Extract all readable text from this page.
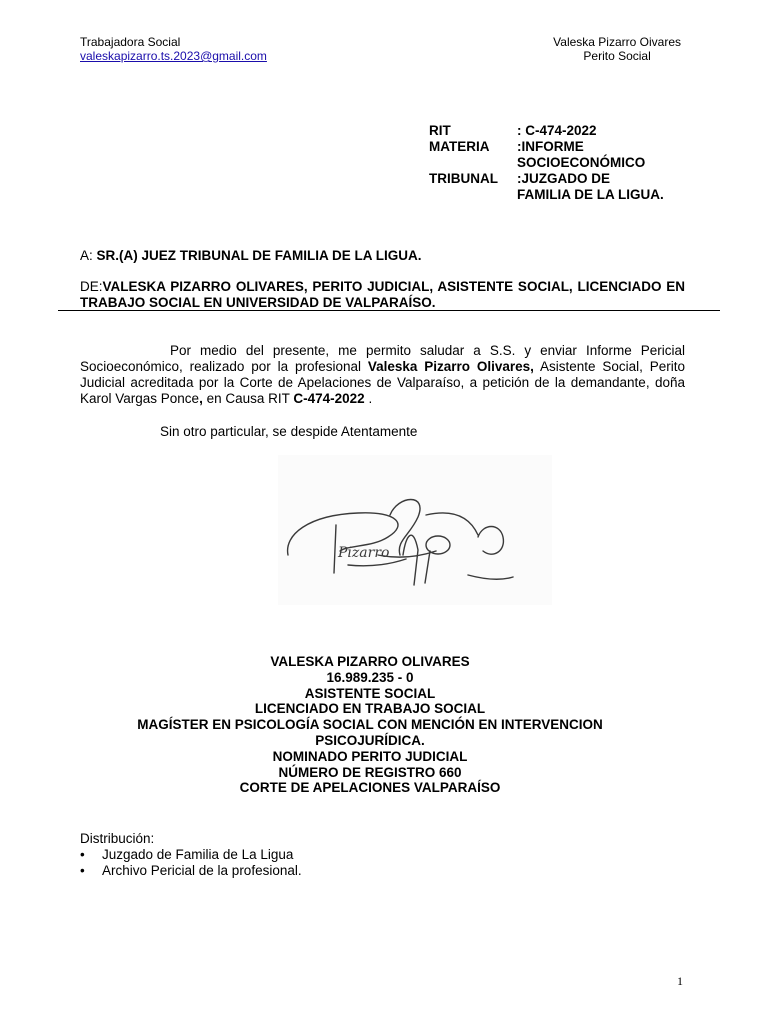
Trabajadora Social
valeskapizarro.ts.2023@gmail.com
Valeska Pizarro Oivares
Perito Social
RIT	: C-474-2022
MATERIA	:INFORME SOCIOECONÓMICO
TRIBUNAL	:JUZGADO DE FAMILIA DE LA LIGUA.
A: SR.(A) JUEZ TRIBUNAL DE FAMILIA DE LA LIGUA.
DE:VALESKA PIZARRO OLIVARES, PERITO JUDICIAL, ASISTENTE SOCIAL, LICENCIADO EN TRABAJO SOCIAL EN UNIVERSIDAD DE VALPARAÍSO.
Por medio del presente, me permito saludar a S.S. y enviar Informe Pericial Socioeconómico, realizado por la profesional Valeska Pizarro Olivares, Asistente Social, Perito Judicial acreditada por la Corte de Apelaciones de Valparaíso, a petición de la demandante, doña Karol Vargas Ponce, en Causa RIT C-474-2022 .
Sin otro particular, se despide Atentamente
Pizarro
VALESKA PIZARRO OLIVARES
16.989.235 - 0
ASISTENTE SOCIAL
LICENCIADO EN TRABAJO SOCIAL
MAGÍSTER EN PSICOLOGÍA SOCIAL CON MENCIÓN EN INTERVENCION
PSICOJURÍDICA.
NOMINADO PERITO JUDICIAL
NÚMERO DE REGISTRO 660
CORTE DE APELACIONES VALPARAÍSO
Distribución:
• Juzgado de Familia de La Ligua
• Archivo Pericial de la profesional.
1
